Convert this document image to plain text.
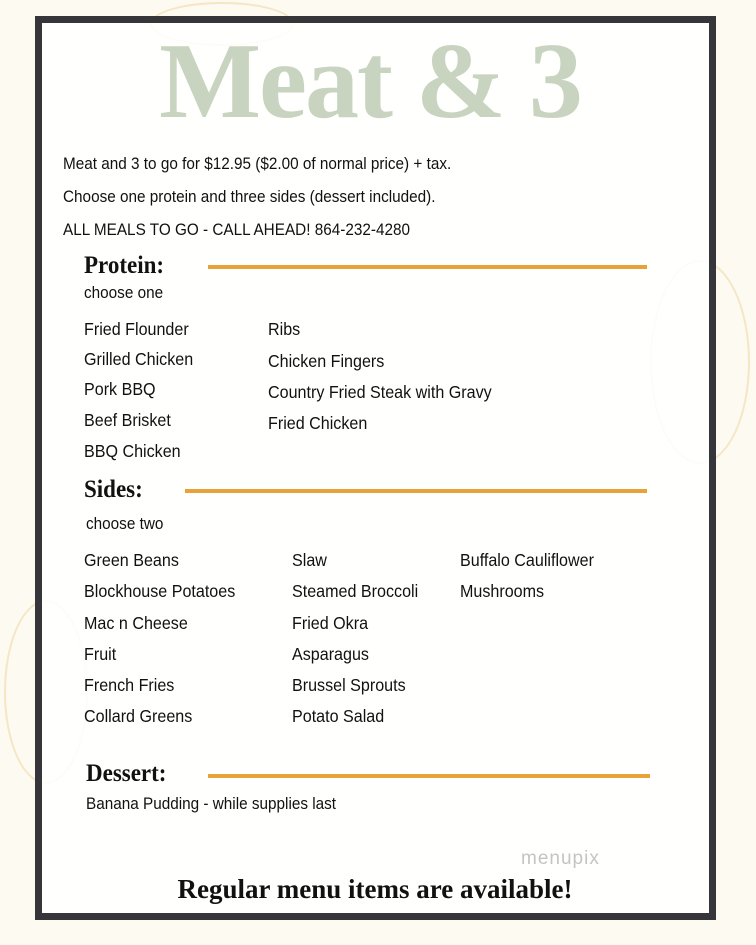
Meat & 3
Meat and 3 to go for $12.95 ($2.00 of normal price) + tax.
Choose one protein and three sides (dessert included).
ALL MEALS TO GO - CALL AHEAD! 864-232-4280
Protein:
choose one
Fried Flounder
Grilled Chicken
Pork BBQ
Beef Brisket
BBQ Chicken
Ribs
Chicken Fingers
Country Fried Steak with Gravy
Fried Chicken
Sides:
choose two
Green Beans
Blockhouse Potatoes
Mac n Cheese
Fruit
French Fries
Collard Greens
Slaw
Steamed Broccoli
Fried Okra
Asparagus
Brussel Sprouts
Potato Salad
Buffalo Cauliflower
Mushrooms
Dessert:
Banana Pudding - while supplies last
menupix
Regular menu items are available!
